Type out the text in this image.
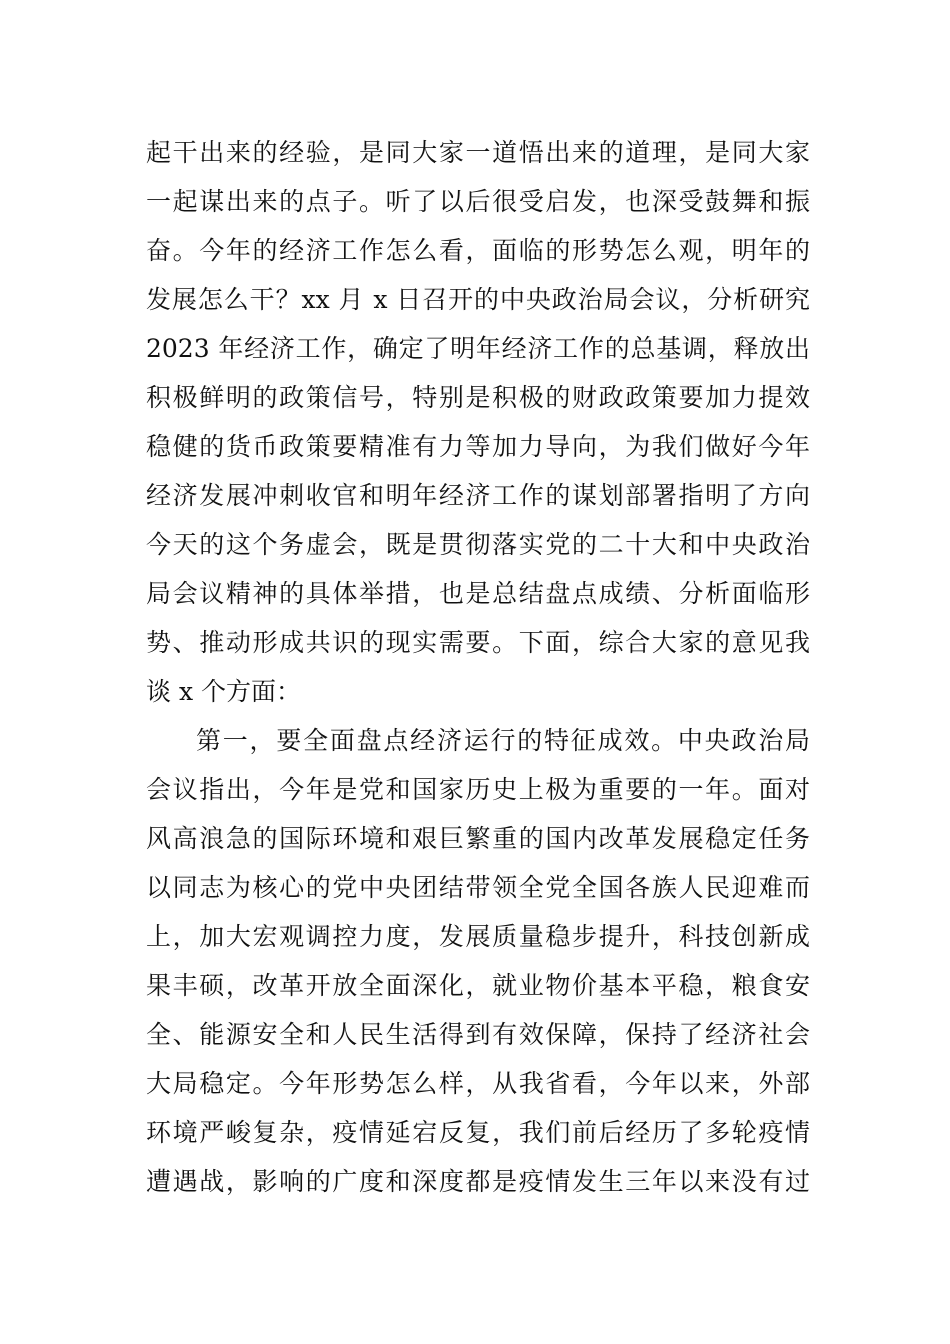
起干出来的经验，是同大家一道悟出来的道理，是同大家
一起谋出来的点子。听了以后很受启发，也深受鼓舞和振
奋。今年的经济工作怎么看，面临的形势怎么观，明年的
发展怎么干？xx 月 x 日召开的中央政治局会议，分析研究
2023 年经济工作，确定了明年经济工作的总基调，释放出
积极鲜明的政策信号，特别是积极的财政政策要加力提效
稳健的货币政策要精准有力等加力导向，为我们做好今年
经济发展冲刺收官和明年经济工作的谋划部署指明了方向
今天的这个务虚会，既是贯彻落实党的二十大和中央政治
局会议精神的具体举措，也是总结盘点成绩、分析面临形
势、推动形成共识的现实需要。下面，综合大家的意见我
谈 x 个方面：
第一，要全面盘点经济运行的特征成效。中央政治局
会议指出，今年是党和国家历史上极为重要的一年。面对
风高浪急的国际环境和艰巨繁重的国内改革发展稳定任务
以同志为核心的党中央团结带领全党全国各族人民迎难而
上，加大宏观调控力度，发展质量稳步提升，科技创新成
果丰硕，改革开放全面深化，就业物价基本平稳，粮食安
全、能源安全和人民生活得到有效保障，保持了经济社会
大局稳定。今年形势怎么样，从我省看，今年以来，外部
环境严峻复杂，疫情延宕反复，我们前后经历了多轮疫情
遭遇战，影响的广度和深度都是疫情发生三年以来没有过
